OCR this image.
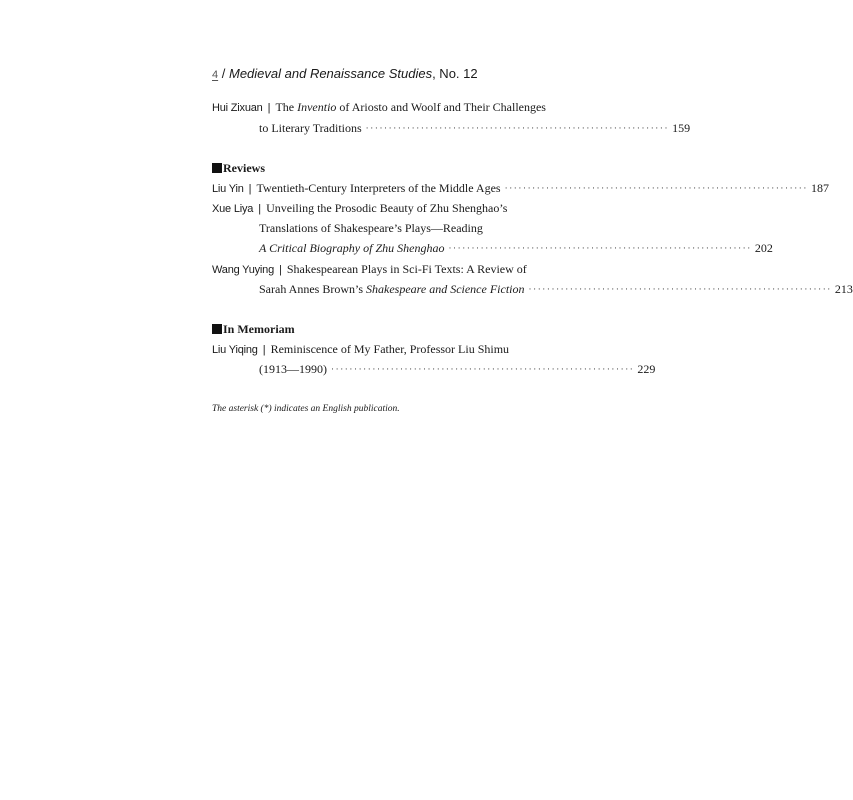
4 / Medieval and Renaissance Studies, No. 12
Hui Zixuan | The Inventio of Ariosto and Woolf and Their Challenges
to Literary Traditions ·································································· 159
Reviews
Liu Yin | Twentieth-Century Interpreters of the Middle Ages ·································································· 187
Xue Liya | Unveiling the Prosodic Beauty of Zhu Shenghao’s
Translations of Shakespeare’s Plays—Reading
A Critical Biography of Zhu Shenghao ·································································· 202
Wang Yuying | Shakespearean Plays in Sci-Fi Texts: A Review of
Sarah Annes Brown’s Shakespeare and Science Fiction ·································································· 213
In Memoriam
Liu Yiqing | Reminiscence of My Father, Professor Liu Shimu
(1913—1990) ·································································· 229
The asterisk (*) indicates an English publication.
